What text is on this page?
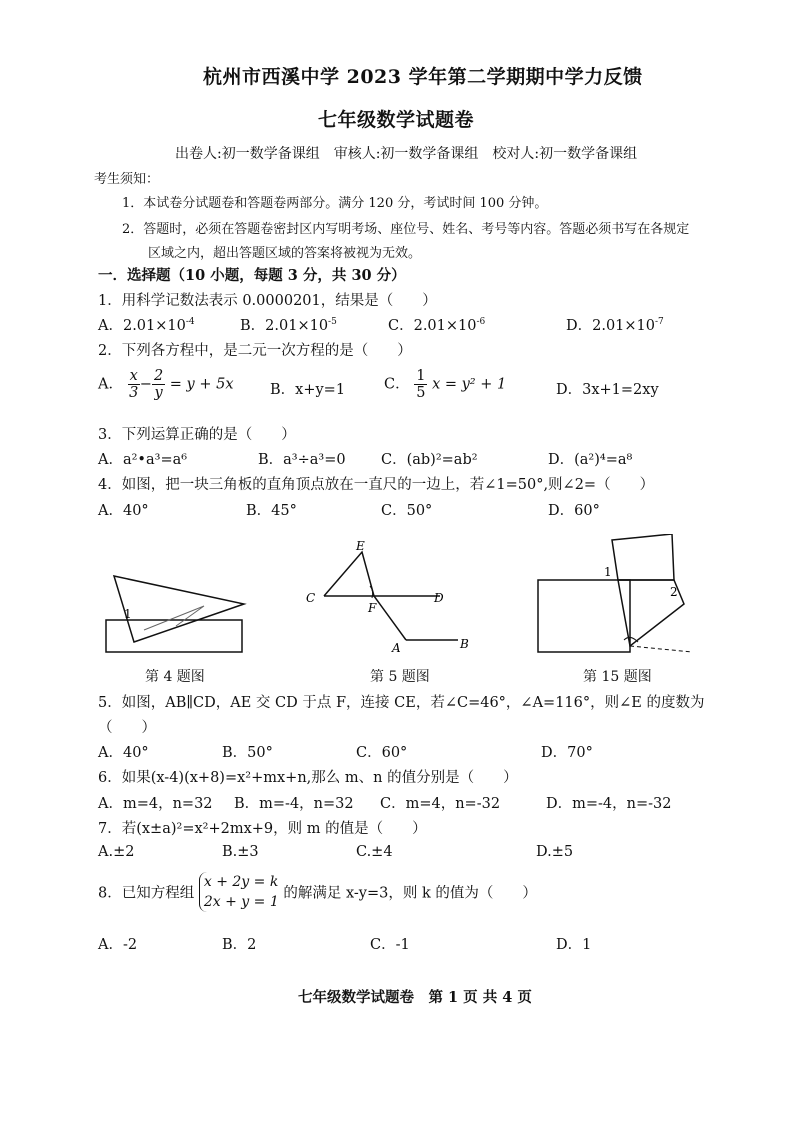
杭州市西溪中学 2023 学年第二学期期中学力反馈
七年级数学试题卷
出卷人:初一数学备课组　审核人:初一数学备课组　校对人:初一数学备课组
考生须知：
1．本试卷分试题卷和答题卷两部分。满分 120 分，考试时间 100 分钟。
2．答题时，必须在答题卷密封区内写明考场、座位号、姓名、考号等内容。答题必须书写在各规定
区域之内，超出答题区域的答案将被视为无效。
一．选择题（10 小题，每题 3 分，共 30 分）
1．用科学记数法表示 0.0000201，结果是（　　）
A．$2.01\times 10^{-4}$	B．$2.01\times 10^{-5}$	C．$2.01\times 10^{-6}$	D．$2.01\times 10^{-7}$
2．下列各方程中，是二元一次方程的是（　　）
A． $\frac{x}{3} - \frac{2}{y} = y + 5x$	B．x+y=1	C． $\frac{1}{5}$ x = y² + 1	D．3x+1=2xy
3．下列运算正确的是（　　）
A．a²•a³=a⁶	B．a³÷a³=0 C．(ab)²=ab²	D．(a²)⁴=a⁸
4．如图，把一块三角板的直角顶点放在一直尺的一边上，若∠1=50°,则∠2=（　　）
A．40°	B．45°	C．50°	D．60°
1
第 4 题图
E
C
F
D
A	B
第 5 题图
1
2
第 15 题图
5．如图，AB∥CD，AE 交 CD 于点 F，连接 CE，若∠C=46°，∠A=116°，则∠E 的度数为
（　　）
A．40°	B．50°	C．60°	D．70°
6．如果(x-4)(x+8)=x²+mx+n,那么 m、n 的值分别是（　　）
A．m=4，n=32 B．m=-4，n=32 C．m=4，n=-32	D．m=-4，n=-32
7．若(x±a)²=x²+2mx+9，则 m 的值是（　　）
A.±2	B.±3	C.±4	D.±5
8．已知方程组
x + 2y = k
2x + y = 1
的解满足 x-y=3，则 k 的值为（　　）
A．-2	B．2	C．-1	D．1
七年级数学试题卷　第 1 页 共 4 页
